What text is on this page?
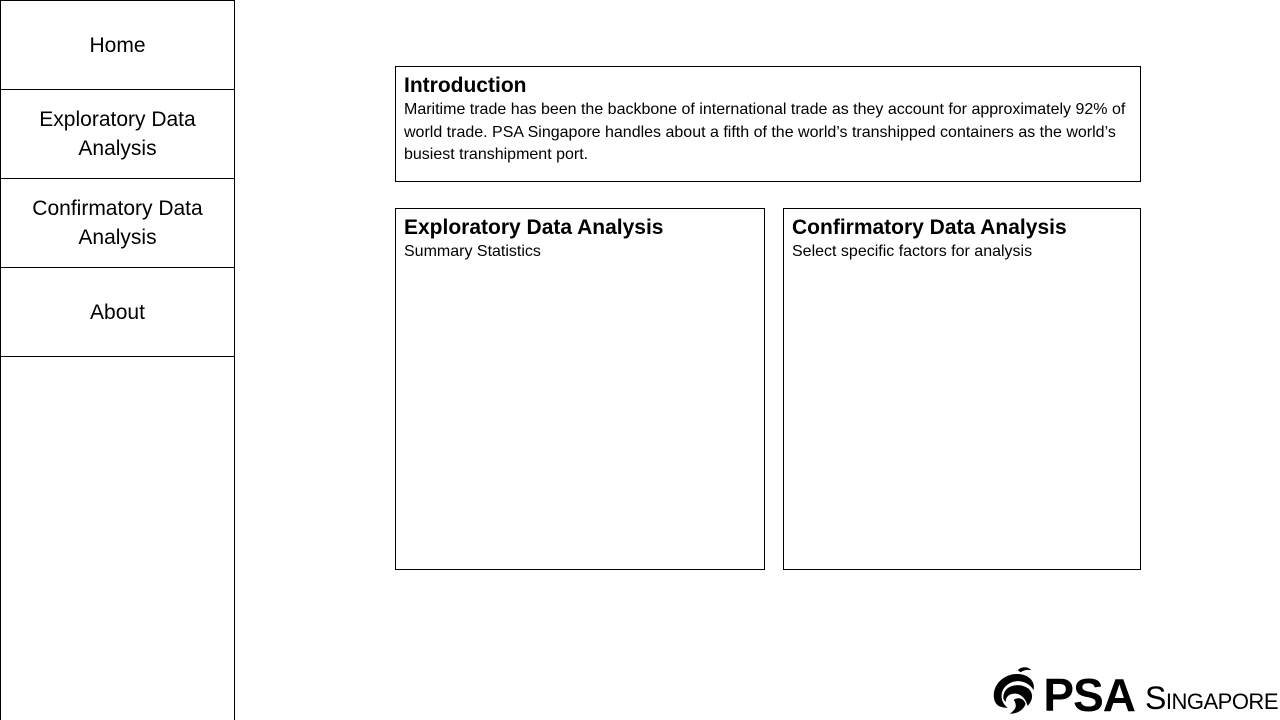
Home
Exploratory Data Analysis
Confirmatory Data Analysis
About
Introduction
Maritime trade has been the backbone of international trade as they account for approximately 92% of world trade. PSA Singapore handles about a fifth of the world’s transhipped containers as the world’s busiest transhipment port.
Exploratory Data Analysis
Summary Statistics
Confirmatory Data Analysis
Select specific factors for analysis
PSA Singapore
